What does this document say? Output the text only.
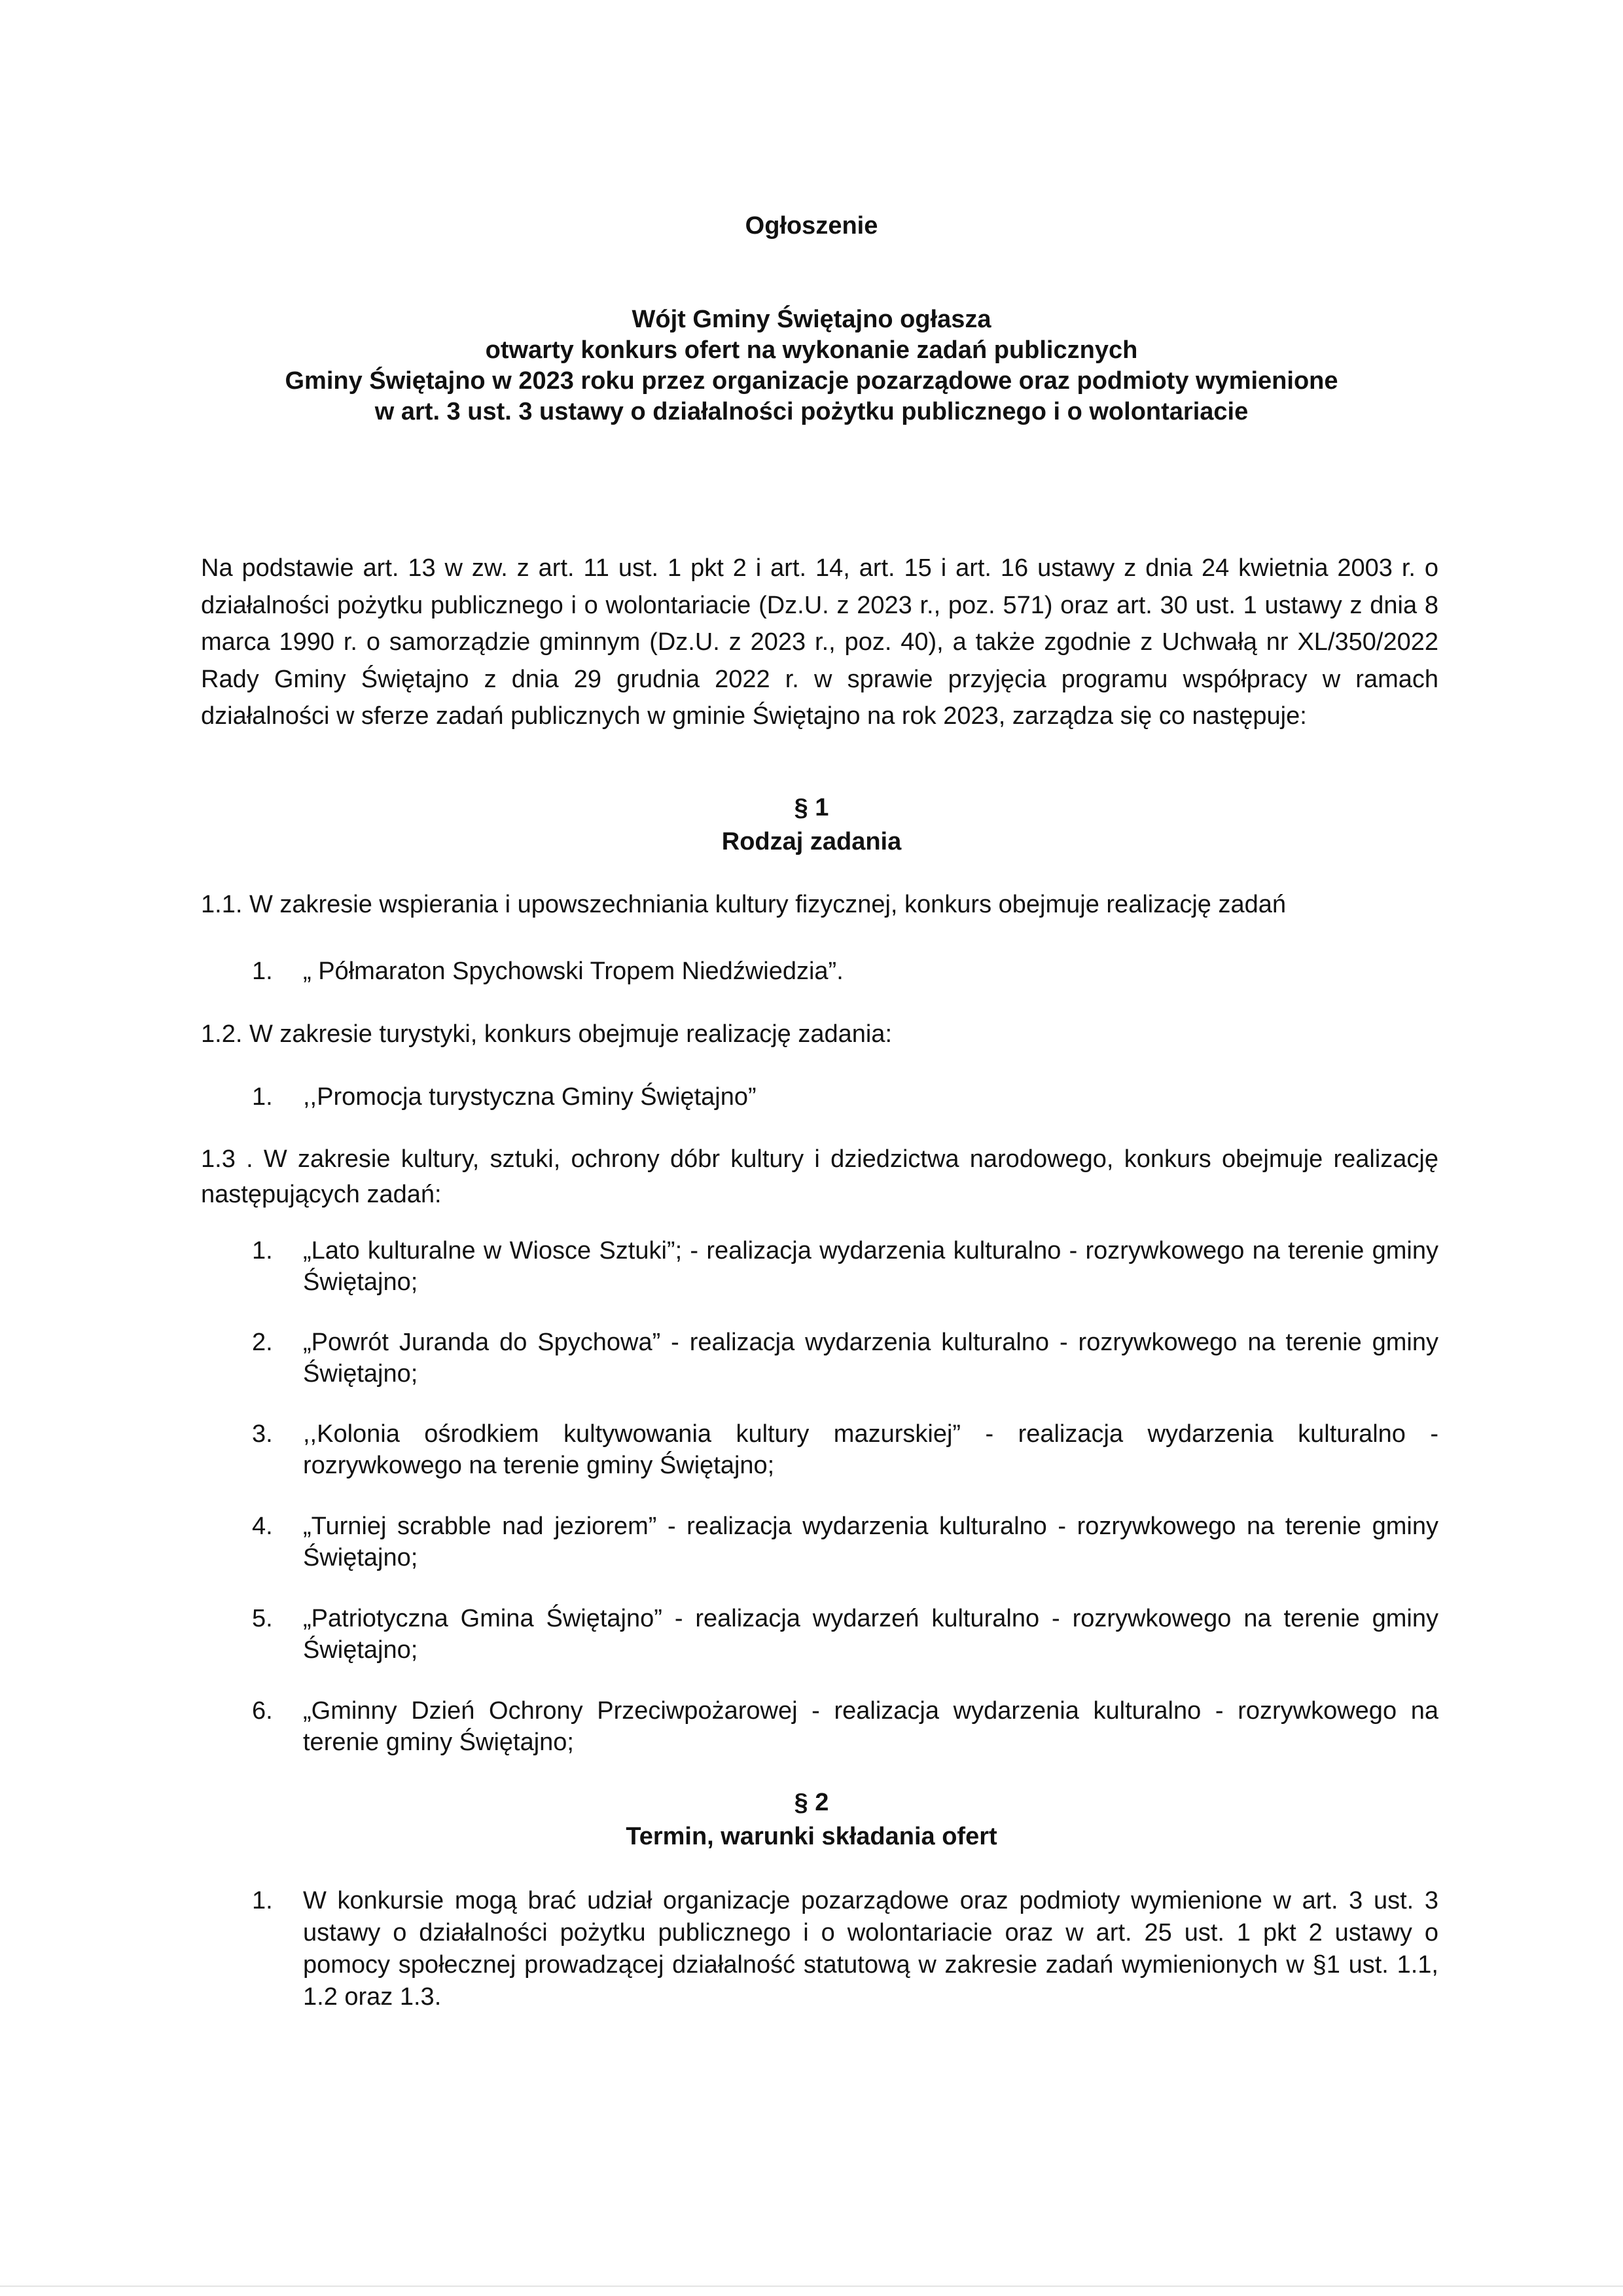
Ogłoszenie
Wójt Gminy Świętajno ogłasza
otwarty konkurs ofert na wykonanie zadań publicznych
Gminy Świętajno w 2023 roku przez organizacje pozarządowe oraz podmioty wymienione
w art. 3 ust. 3 ustawy o działalności pożytku publicznego i o wolontariacie
Na podstawie art. 13 w zw. z art. 11 ust. 1 pkt 2 i art. 14, art. 15 i art. 16 ustawy z dnia 24 kwietnia 2003 r. o działalności pożytku publicznego i o wolontariacie (Dz.U. z 2023 r., poz. 571) oraz art. 30 ust. 1 ustawy z dnia 8 marca 1990 r. o samorządzie gminnym (Dz.U. z 2023 r., poz. 40), a także zgodnie z Uchwałą nr XL/350/2022 Rady Gminy Świętajno z dnia 29 grudnia 2022 r. w sprawie przyjęcia programu współpracy w ramach działalności w sferze zadań publicznych w gminie Świętajno na rok 2023, zarządza się co następuje:
§ 1
Rodzaj zadania
1.1. W zakresie wspierania i upowszechniania kultury fizycznej, konkurs obejmuje realizację zadań
1.	„ Półmaraton Spychowski Tropem Niedźwiedzia”.
1.2. W zakresie turystyki, konkurs obejmuje realizację zadania:
1.	,,Promocja turystyczna Gminy Świętajno”
1.3 . W zakresie kultury, sztuki, ochrony dóbr kultury i dziedzictwa narodowego, konkurs obejmuje realizację następujących zadań:
1.	„Lato kulturalne w Wiosce Sztuki”; - realizacja wydarzenia kulturalno - rozrywkowego na terenie gminy Świętajno;
2.	„Powrót Juranda do Spychowa” - realizacja wydarzenia kulturalno - rozrywkowego na terenie gminy Świętajno;
3.	,,Kolonia ośrodkiem kultywowania kultury mazurskiej” - realizacja wydarzenia kulturalno - rozrywkowego na terenie gminy Świętajno;
4.	„Turniej scrabble nad jeziorem” - realizacja wydarzenia kulturalno - rozrywkowego na terenie gminy Świętajno;
5.	„Patriotyczna Gmina Świętajno” - realizacja wydarzeń kulturalno - rozrywkowego na terenie gminy Świętajno;
6.	„Gminny Dzień Ochrony Przeciwpożarowej - realizacja wydarzenia kulturalno - rozrywkowego na terenie gminy Świętajno;
§ 2
Termin, warunki składania ofert
1.	W konkursie mogą brać udział organizacje pozarządowe oraz podmioty wymienione w art. 3 ust. 3 ustawy o działalności pożytku publicznego i o wolontariacie oraz w art. 25 ust. 1 pkt 2 ustawy o pomocy społecznej prowadzącej działalność statutową w zakresie zadań wymienionych w §1 ust. 1.1, 1.2 oraz 1.3.
